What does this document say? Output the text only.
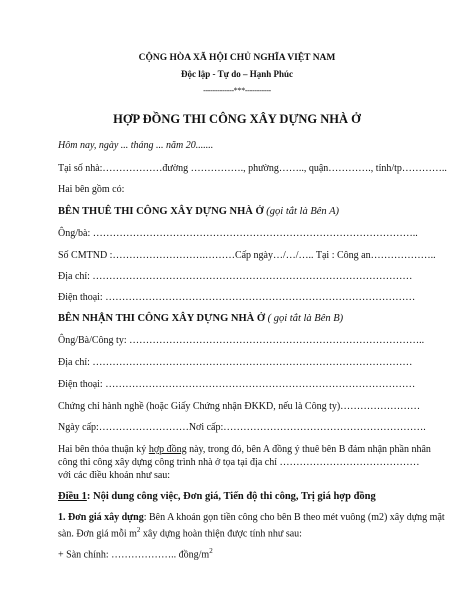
CỘNG HÒA XÃ HỘI CHỦ NGHĨA VIỆT NAM
Độc lập - Tự do – Hạnh Phúc
-------------***-----------
HỢP ĐỒNG THI CÔNG XÂY DỰNG NHÀ Ở
Hôm nay, ngày ... tháng ... năm 20.......
Tại số nhà:………………đường ……………., phường…….., quận…………., tỉnh/tp…………..
Hai bên gồm có:
BÊN THUÊ THI CÔNG XÂY DỰNG NHÀ Ở (gọi tắt là Bên A)
Ông/bà: ……………………………………………………………………………………..
Số CMTND :……………………….………Cấp ngày…/…/….. Tại : Công an………………..
Địa chỉ: ……………………………………………………………………………………
Điện thoại: …………………………………………………………………………………
BÊN NHẬN THI CÔNG XÂY DỰNG NHÀ Ở ( gọi tắt là Bên B)
Ông/Bà/Công ty: ……………………………………………………………………………..
Địa chỉ: ……………………………………………………………………………………
Điện thoại: …………………………………………………………………………………
Chứng chỉ hành nghề (hoặc Giấy Chứng nhận ĐKKD, nếu là Công ty)……………………
Ngày cấp:………………………Nơi cấp:…………………………………………………….
Hai bên thỏa thuận ký hợp đồng này, trong đó, bên A đồng ý thuê bên B đảm nhận phần nhân
công thi công xây dựng công trình nhà ở tọa tại địa chỉ ……………………………………
với các điều khoản như sau:
Điều 1: Nội dung công việc, Đơn giá, Tiến độ thi công, Trị giá hợp đồng
1. Đơn giá xây dựng: Bên A khoán gọn tiền công cho bên B theo mét vuông (m2) xây dựng mặt
sàn. Đơn giá mỗi $m^2$ xây dựng hoàn thiện được tính như sau:
+ Sàn chính: ……………….. đồng/$m^2$
